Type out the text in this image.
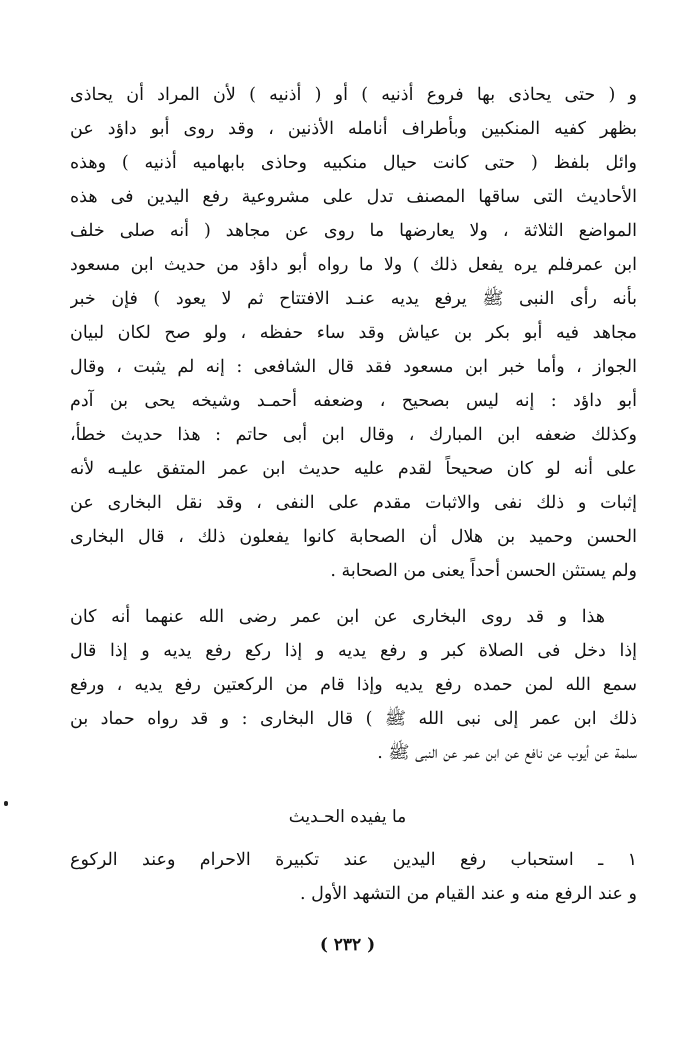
و ( حتى يحاذى بها فروع أذنيه ) أو ( أذنيه ) لأن المراد أن يحاذى
بظهر كفيه المنكبين وبأطراف أنامله الأذنين ، وقد روى أبو داؤد عن
وائل بلفظ ( حتى كانت حيال منكبيه وحاذى بابهاميه أذنيه ) وهذه
الأحاديث التى ساقها المصنف تدل على مشروعية رفع اليدين فى هذه
المواضع الثلاثة ، ولا يعارضها ما روى عن مجاهد ( أنه صلى خلف
ابن عمرفلم يره يفعل ذلك ) ولا ما رواه أبو داؤد من حديث ابن مسعود
بأنه رأى النبى ﷺ يرفع يديه عنـد الافتتاح ثم لا يعود ) فإن خبر
مجاهد فيه أبو بكر بن عياش وقد ساء حفظه ، ولو صح لكان لبيان
الجواز ، وأما خبر ابن مسعود فقد قال الشافعى : إنه لم يثبت ، وقال
أبو داؤد : إنه ليس بصحيح ، وضعفه أحمـد وشيخه يحى بن آدم
وكذلك ضعفه ابن المبارك ، وقال ابن أبى حاتم : هذا حديث خطأ،
على أنه لو كان صحيحاً لقدم عليه حديث ابن عمر المتفق عليـه لأنه
إثبات و ذلك نفى والاثبات مقدم على النفى ، وقد نقل البخارى عن
الحسن وحميد بن هلال أن الصحابة كانوا يفعلون ذلك ، قال البخارى
ولم يستثن الحسن أحداً يعنى من الصحابة .
هذا و قد روى البخارى عن ابن عمر رضى الله عنهما أنه كان
إذا دخل فى الصلاة كبر و رفع يديه و إذا ركع رفع يديه و إذا قال
سمع الله لمن حمده رفع يديه وإذا قام من الركعتين رفع يديه ، ورفع
ذلك ابن عمر إلى نبى الله ﷺ ) قال البخارى : و قد رواه حماد بن
سلمة عن أيوب عن نافع عن ابن عمر عن النبى ﷺ .
ما يفيده الحـديث
١ ـ استحباب رفع اليدين عند تكبيرة الاحرام وعند الركوع
و عند الرفع منه و عند القيام من التشهد الأول .
( ٢٣٢ )
